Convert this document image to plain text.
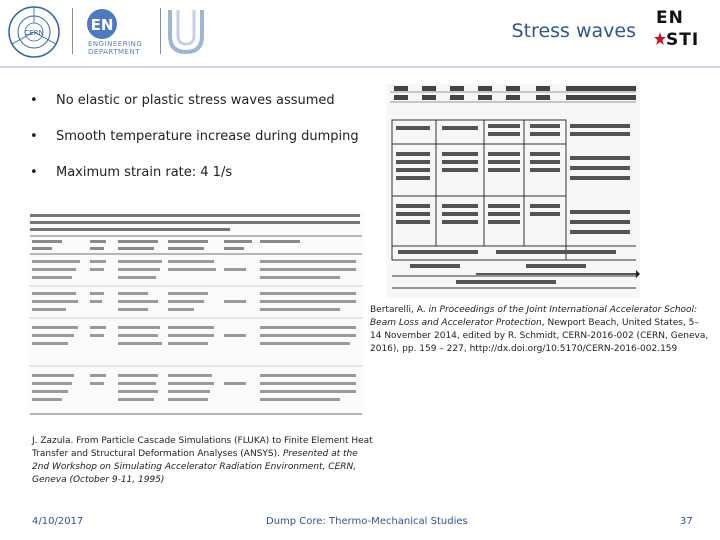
CERN	EN
ENGINEERING
DEPARTMENT
Stress waves
EN
STI
• No elastic or plastic stress waves assumed
• Smooth temperature increase during dumping
• Maximum strain rate: 4 1/s
Bertarelli, A. in Proceedings of the Joint International Accelerator School: Beam Loss and Accelerator Protection, Newport Beach, United States, 5–14 November 2014, edited by R. Schmidt, CERN-2016-002 (CERN, Geneva, 2016), pp. 159 – 227, http://dx.doi.org/10.5170/CERN-2016-002.159
J. Zazula. From Particle Cascade Simulations (FLUKA) to Finite Element Heat Transfer and Structural Deformation Analyses (ANSYS). Presented at the 2nd Workshop on Simulating Accelerator Radiation Environment, CERN, Geneva (October 9-11, 1995)
4/10/2017	Dump Core: Thermo-Mechanical Studies	37
